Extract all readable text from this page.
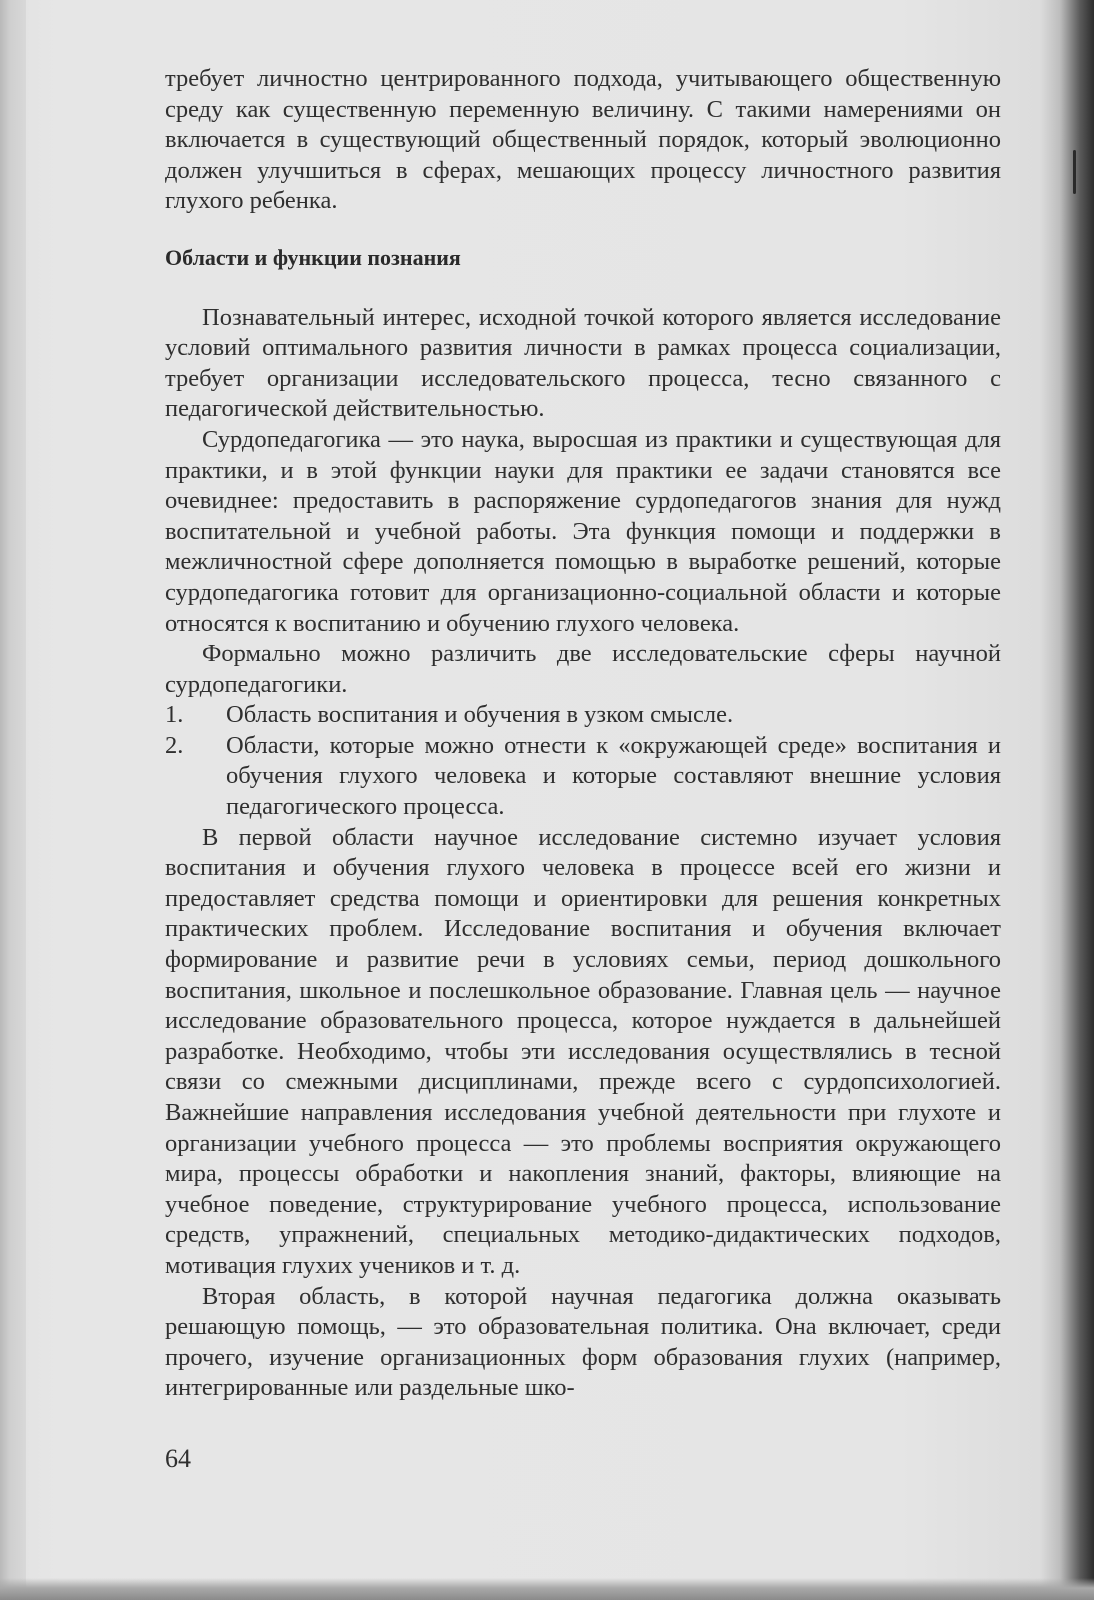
требует личностно центрированного подхода, учитывающего общественную среду как существенную переменную величину. С такими намерениями он включается в существующий общественный порядок, который эволюционно должен улучшиться в сферах, мешающих процессу личностного развития глухого ребенка.

Области и функции познания

Познавательный интерес, исходной точкой которого является исследование условий оптимального развития личности в рамках процесса социализации, требует организации исследовательского процесса, тесно связанного с педагогической действительностью.

Сурдопедагогика — это наука, выросшая из практики и существующая для практики, и в этой функции науки для практики ее задачи становятся все очевиднее: предоставить в распоряжение сурдопедагогов знания для нужд воспитательной и учебной работы. Эта функция помощи и поддержки в межличностной сфере дополняется помощью в выработке решений, которые сурдопедагогика готовит для организационно-социальной области и которые относятся к воспитанию и обучению глухого человека.

Формально можно различить две исследовательские сферы научной сурдопедагогики.

1.	Область воспитания и обучения в узком смысле.
2.	Области, которые можно отнести к «окружающей среде» воспитания и обучения глухого человека и которые составляют внешние условия педагогического процесса.

В первой области научное исследование системно изучает условия воспитания и обучения глухого человека в процессе всей его жизни и предоставляет средства помощи и ориентировки для решения конкретных практических проблем. Исследование воспитания и обучения включает формирование и развитие речи в условиях семьи, период дошкольного воспитания, школьное и послешкольное образование. Главная цель — научное исследование образовательного процесса, которое нуждается в дальнейшей разработке. Необходимо, чтобы эти исследования осуществлялись в тесной связи со смежными дисциплинами, прежде всего с сурдопсихологией. Важнейшие направления исследования учебной деятельности при глухоте и организации учебного процесса — это проблемы восприятия окружающего мира, процессы обработки и накопления знаний, факторы, влияющие на учебное поведение, структурирование учебного процесса, использование средств, упражнений, специальных методико-дидактических подходов, мотивация глухих учеников и т. д.

Вторая область, в которой научная педагогика должна оказывать решающую помощь, — это образовательная политика. Она включает, среди прочего, изучение организационных форм образования глухих (например, интегрированные или раздельные шко-

64
